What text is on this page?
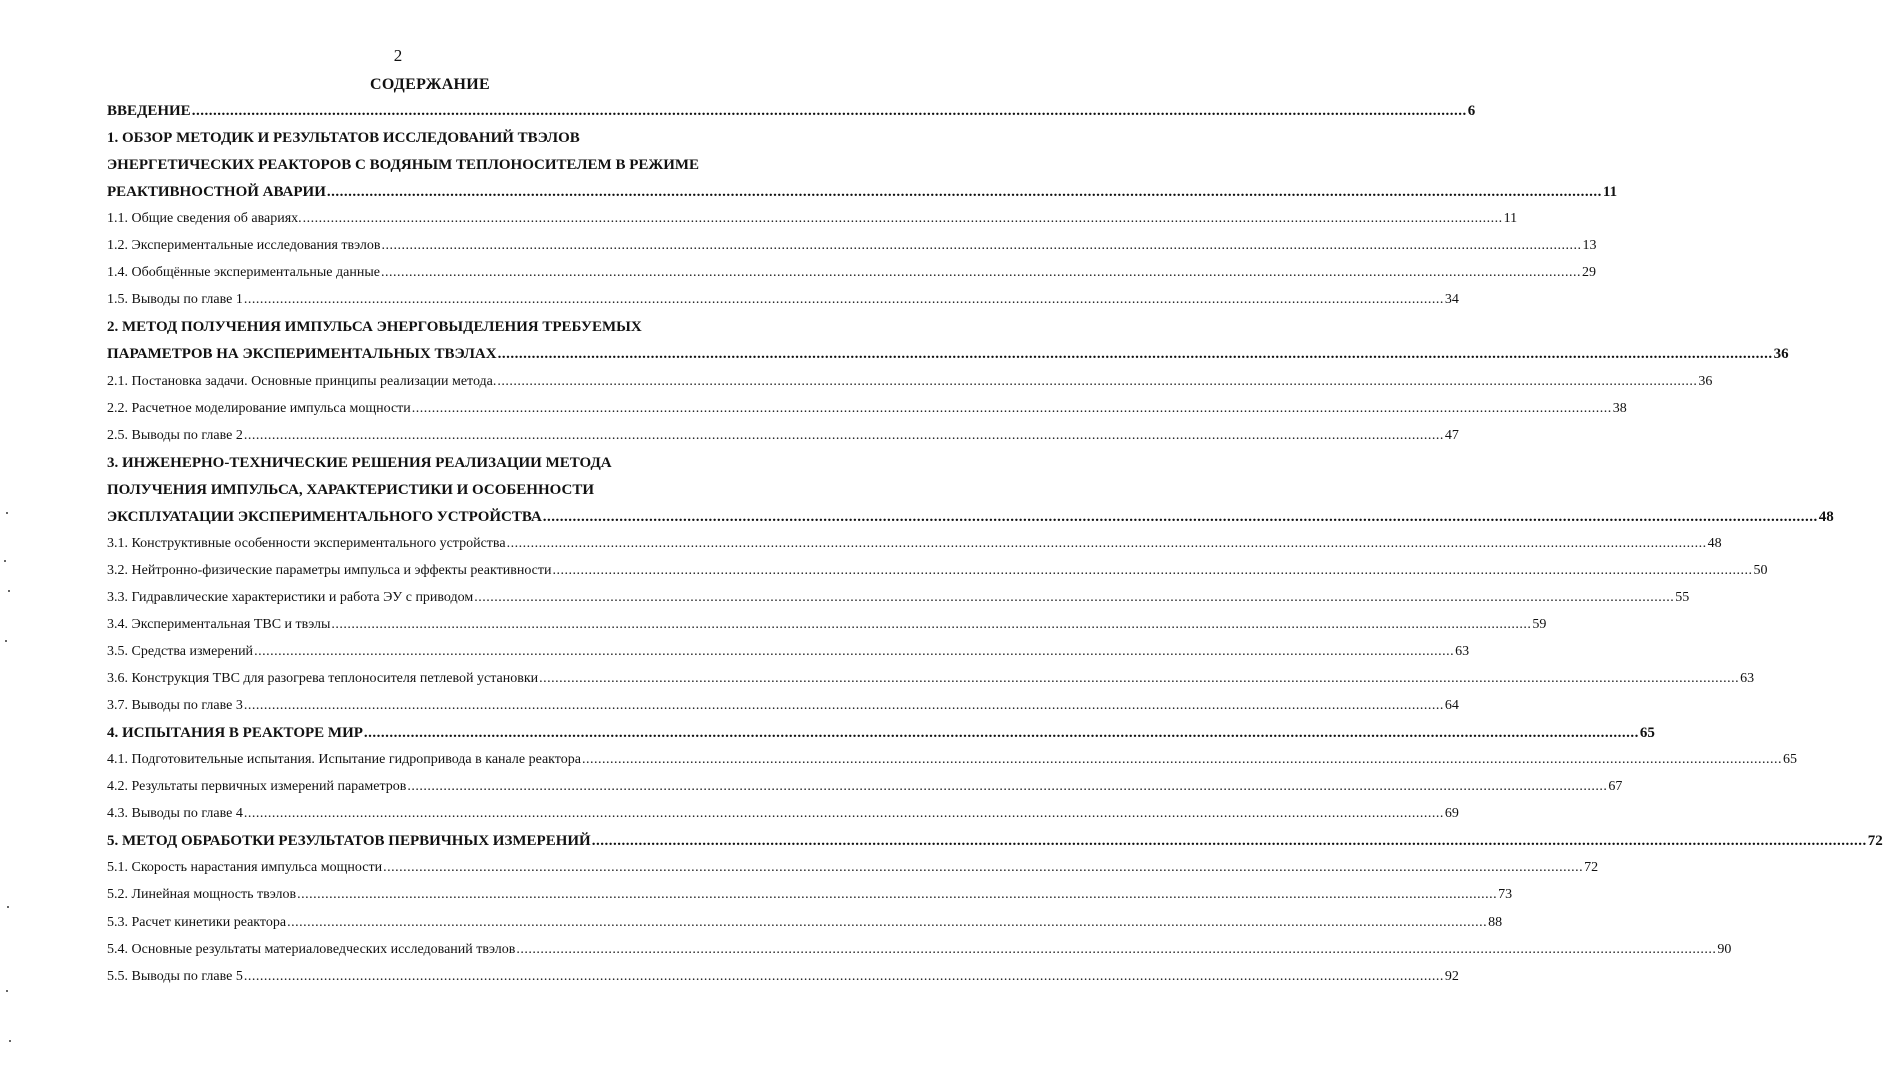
2
СОДЕРЖАНИЕ
ВВЕДЕНИЕ ............................................................................................................................................................................................................................................................................................................ 6
1. ОБЗОР МЕТОДИК И РЕЗУЛЬТАТОВ ИССЛЕДОВАНИЙ ТВЭЛОВ
ЭНЕРГЕТИЧЕСКИХ РЕАКТОРОВ С ВОДЯНЫМ ТЕПЛОНОСИТЕЛЕМ В РЕЖИМЕ
РЕАКТИВНОСТНОЙ АВАРИИ ............................................................................................................................................................................................................................................................................................................ 11
1.1. Общие сведения об авариях. ............................................................................................................................................................................................................................................................................................................ 11
1.2. Экспериментальные исследования твэлов ............................................................................................................................................................................................................................................................................................................ 13
1.4. Обобщённые экспериментальные данные ............................................................................................................................................................................................................................................................................................................ 29
1.5. Выводы по главе 1 ............................................................................................................................................................................................................................................................................................................ 34
2. МЕТОД ПОЛУЧЕНИЯ ИМПУЛЬСА ЭНЕРГОВЫДЕЛЕНИЯ ТРЕБУЕМЫХ
ПАРАМЕТРОВ НА ЭКСПЕРИМЕНТАЛЬНЫХ ТВЭЛАХ ............................................................................................................................................................................................................................................................................................................ 36
2.1. Постановка задачи. Основные принципы реализации метода. ............................................................................................................................................................................................................................................................................................................ 36
2.2. Расчетное моделирование импульса мощности ............................................................................................................................................................................................................................................................................................................ 38
2.5. Выводы по главе 2 ............................................................................................................................................................................................................................................................................................................ 47
3. ИНЖЕНЕРНО-ТЕХНИЧЕСКИЕ РЕШЕНИЯ РЕАЛИЗАЦИИ МЕТОДА
ПОЛУЧЕНИЯ ИМПУЛЬСА, ХАРАКТЕРИСТИКИ И ОСОБЕННОСТИ
ЭКСПЛУАТАЦИИ ЭКСПЕРИМЕНТАЛЬНОГО УСТРОЙСТВА ............................................................................................................................................................................................................................................................................................................ 48
3.1. Конструктивные особенности экспериментального устройства ............................................................................................................................................................................................................................................................................................................ 48
3.2. Нейтронно-физические параметры импульса и эффекты реактивности ............................................................................................................................................................................................................................................................................................................ 50
3.3. Гидравлические характеристики и работа ЭУ с приводом ............................................................................................................................................................................................................................................................................................................ 55
3.4. Экспериментальная ТВС и твэлы ............................................................................................................................................................................................................................................................................................................ 59
3.5. Средства измерений ............................................................................................................................................................................................................................................................................................................ 63
3.6. Конструкция ТВС для разогрева теплоносителя петлевой установки ............................................................................................................................................................................................................................................................................................................ 63
3.7. Выводы по главе 3 ............................................................................................................................................................................................................................................................................................................ 64
4. ИСПЫТАНИЯ В РЕАКТОРЕ МИР ............................................................................................................................................................................................................................................................................................................ 65
4.1. Подготовительные испытания. Испытание гидропривода в канале реактора ............................................................................................................................................................................................................................................................................................................ 65
4.2. Результаты первичных измерений параметров ............................................................................................................................................................................................................................................................................................................ 67
4.3. Выводы по главе 4 ............................................................................................................................................................................................................................................................................................................ 69
5. МЕТОД ОБРАБОТКИ РЕЗУЛЬТАТОВ ПЕРВИЧНЫХ ИЗМЕРЕНИЙ ............................................................................................................................................................................................................................................................................................................ 72
5.1. Скорость нарастания импульса мощности ............................................................................................................................................................................................................................................................................................................ 72
5.2. Линейная мощность твэлов ............................................................................................................................................................................................................................................................................................................ 73
5.3. Расчет кинетики реактора ............................................................................................................................................................................................................................................................................................................ 88
5.4. Основные результаты материаловедческих исследований твэлов ............................................................................................................................................................................................................................................................................................................ 90
5.5. Выводы по главе 5 ............................................................................................................................................................................................................................................................................................................ 92
